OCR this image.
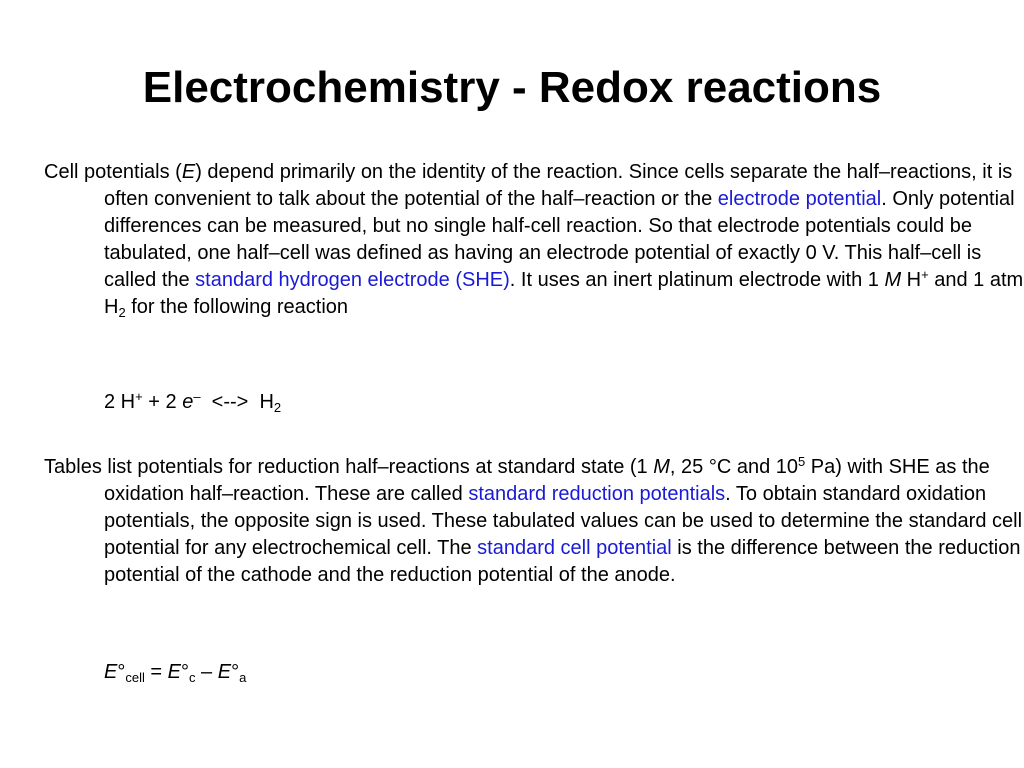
Electrochemistry - Redox reactions

Cell potentials (E) depend primarily on the identity of the reaction. Since cells separate the half–reactions, it is often convenient to talk about the potential of the half–reaction or the electrode potential. Only potential differences can be measured, but no single half-cell reaction. So that electrode potentials could be tabulated, one half–cell was defined as having an electrode potential of exactly 0 V. This half–cell is called the standard hydrogen electrode (SHE). It uses an inert platinum electrode with 1 M H+ and 1 atm $H_2$ for the following reaction

2 H+ + 2 e–  <-->  $H_2$

Tables list potentials for reduction half–reactions at standard state (1 M, 25 °C and $10^5$ Pa) with SHE as the oxidation half–reaction. These are called standard reduction potentials. To obtain standard oxidation potentials, the opposite sign is used. These tabulated values can be used to determine the standard cell potential for any electrochemical cell. The standard cell potential is the difference between the reduction potential of the cathode and the reduction potential of the anode.

$E^\circ_{cell} = E^\circ_c - E^\circ_a$
